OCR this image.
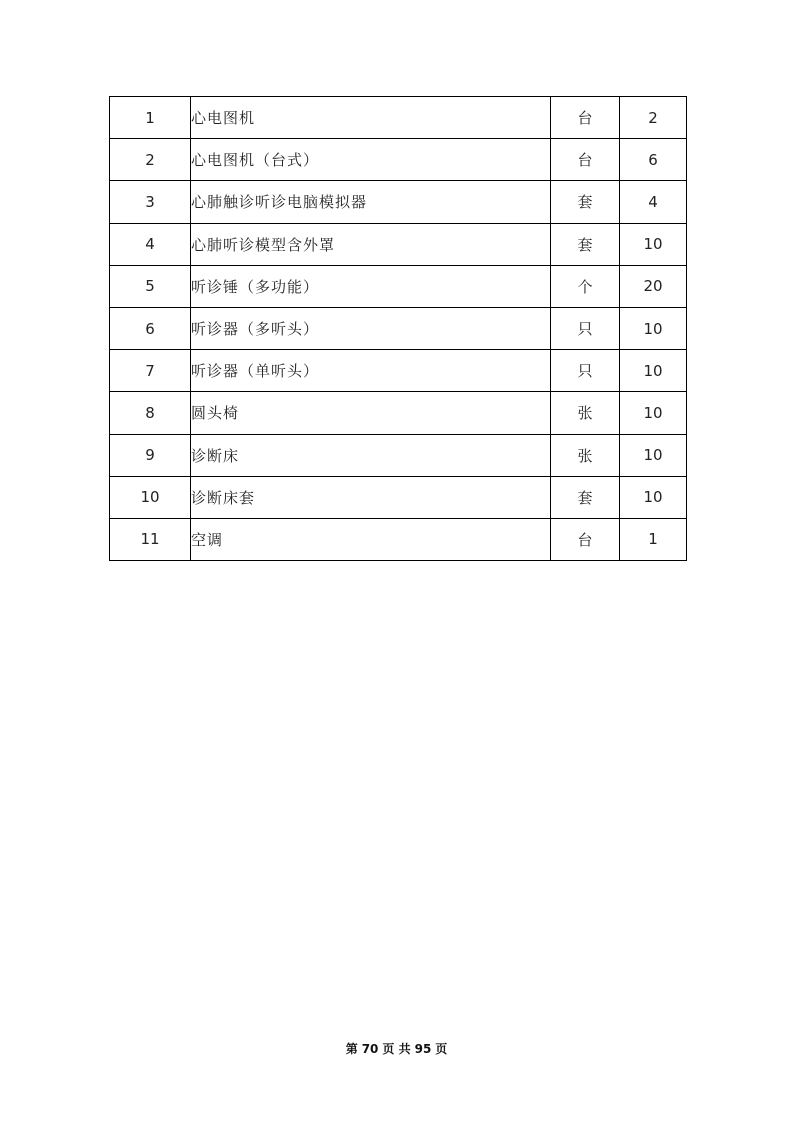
1	心电图机	台	2
2	心电图机（台式）	台	6
3	心肺触诊听诊电脑模拟器	套	4
4	心肺听诊模型含外罩	套	10
5	听诊锤（多功能）	个	20
6	听诊器（多听头）	只	10
7	听诊器（单听头）	只	10
8	圆头椅	张	10
9	诊断床	张	10
10	诊断床套	套	10
11	空调	台	1
第 70 页 共 95 页
